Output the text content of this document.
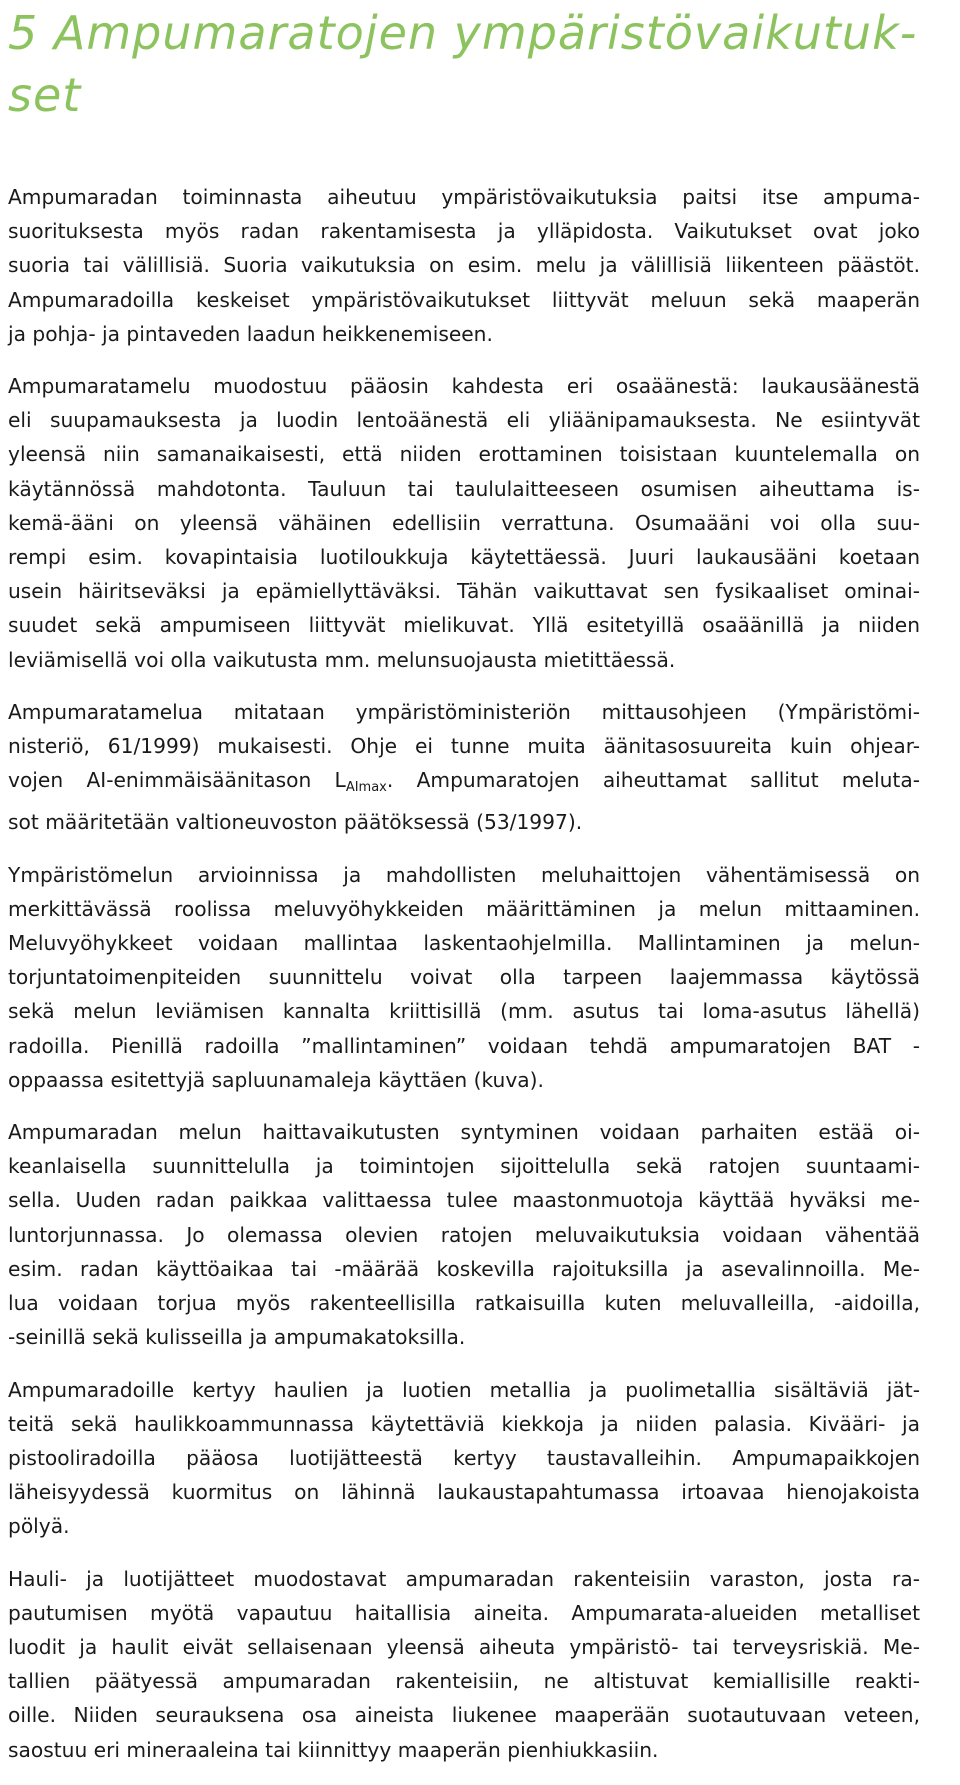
5 Ampumaratojen ympäristövaikutuk-
set

Ampumaradan toiminnasta aiheutuu ympäristövaikutuksia paitsi itse ampuma-
suorituksesta myös radan rakentamisesta ja ylläpidosta. Vaikutukset ovat joko
suoria tai välillisiä. Suoria vaikutuksia on esim. melu ja välillisiä liikenteen päästöt.
Ampumaradoilla keskeiset ympäristövaikutukset liittyvät meluun sekä maaperän
ja pohja- ja pintaveden laadun heikkenemiseen.

Ampumaratamelu muodostuu pääosin kahdesta eri osaäänestä: laukausäänestä
eli suupamauksesta ja luodin lentoäänestä eli yliäänipamauksesta. Ne esiintyvät
yleensä niin samanaikaisesti, että niiden erottaminen toisistaan kuuntelemalla on
käytännössä mahdotonta. Tauluun tai taululaitteeseen osumisen aiheuttama is-
kemä-ääni on yleensä vähäinen edellisiin verrattuna. Osumaääni voi olla suu-
rempi esim. kovapintaisia luotiloukkuja käytettäessä. Juuri laukausääni koetaan
usein häiritseväksi ja epämiellyttäväksi. Tähän vaikuttavat sen fysikaaliset ominai-
suudet sekä ampumiseen liittyvät mielikuvat. Yllä esitetyillä osaäänillä ja niiden
leviämisellä voi olla vaikutusta mm. melunsuojausta mietittäessä.

Ampumaratamelua mitataan ympäristöministeriön mittausohjeen (Ympäristömi-
nisteriö, 61/1999) mukaisesti. Ohje ei tunne muita äänitasosuureita kuin ohjear-
vojen AI-enimmäisäänitason $L_{AImax}$. Ampumaratojen aiheuttamat sallitut meluta-
sot määritetään valtioneuvoston päätöksessä (53/1997).

Ympäristömelun arvioinnissa ja mahdollisten meluhaittojen vähentämisessä on
merkittävässä roolissa meluvyöhykkeiden määrittäminen ja melun mittaaminen.
Meluvyöhykkeet voidaan mallintaa laskentaohjelmilla. Mallintaminen ja melun-
torjuntatoimenpiteiden suunnittelu voivat olla tarpeen laajemmassa käytössä
sekä melun leviämisen kannalta kriittisillä (mm. asutus tai loma-asutus lähellä)
radoilla. Pienillä radoilla ”mallintaminen” voidaan tehdä ampumaratojen BAT -
oppaassa esitettyjä sapluunamaleja käyttäen (kuva).

Ampumaradan melun haittavaikutusten syntyminen voidaan parhaiten estää oi-
keanlaisella suunnittelulla ja toimintojen sijoittelulla sekä ratojen suuntaami-
sella. Uuden radan paikkaa valittaessa tulee maastonmuotoja käyttää hyväksi me-
luntorjunnassa. Jo olemassa olevien ratojen meluvaikutuksia voidaan vähentää
esim. radan käyttöaikaa tai -määrää koskevilla rajoituksilla ja asevalinnoilla. Me-
lua voidaan torjua myös rakenteellisilla ratkaisuilla kuten meluvalleilla, -aidoilla,
-seinillä sekä kulisseilla ja ampumakatoksilla.

Ampumaradoille kertyy haulien ja luotien metallia ja puolimetallia sisältäviä jät-
teitä sekä haulikkoammunnassa käytettäviä kiekkoja ja niiden palasia. Kivääri- ja
pistooliradoilla pääosa luotijätteestä kertyy taustavalleihin. Ampumapaikkojen
läheisyydessä kuormitus on lähinnä laukaustapahtumassa irtoavaa hienojakoista
pölyä.

Hauli- ja luotijätteet muodostavat ampumaradan rakenteisiin varaston, josta ra-
pautumisen myötä vapautuu haitallisia aineita. Ampumarata-alueiden metalliset
luodit ja haulit eivät sellaisenaan yleensä aiheuta ympäristö- tai terveysriskiä. Me-
tallien päätyessä ampumaradan rakenteisiin, ne altistuvat kemiallisille reakti-
oille. Niiden seurauksena osa aineista liukenee maaperään suotautuvaan veteen,
saostuu eri mineraaleina tai kiinnittyy maaperän pienhiukkasiin.
